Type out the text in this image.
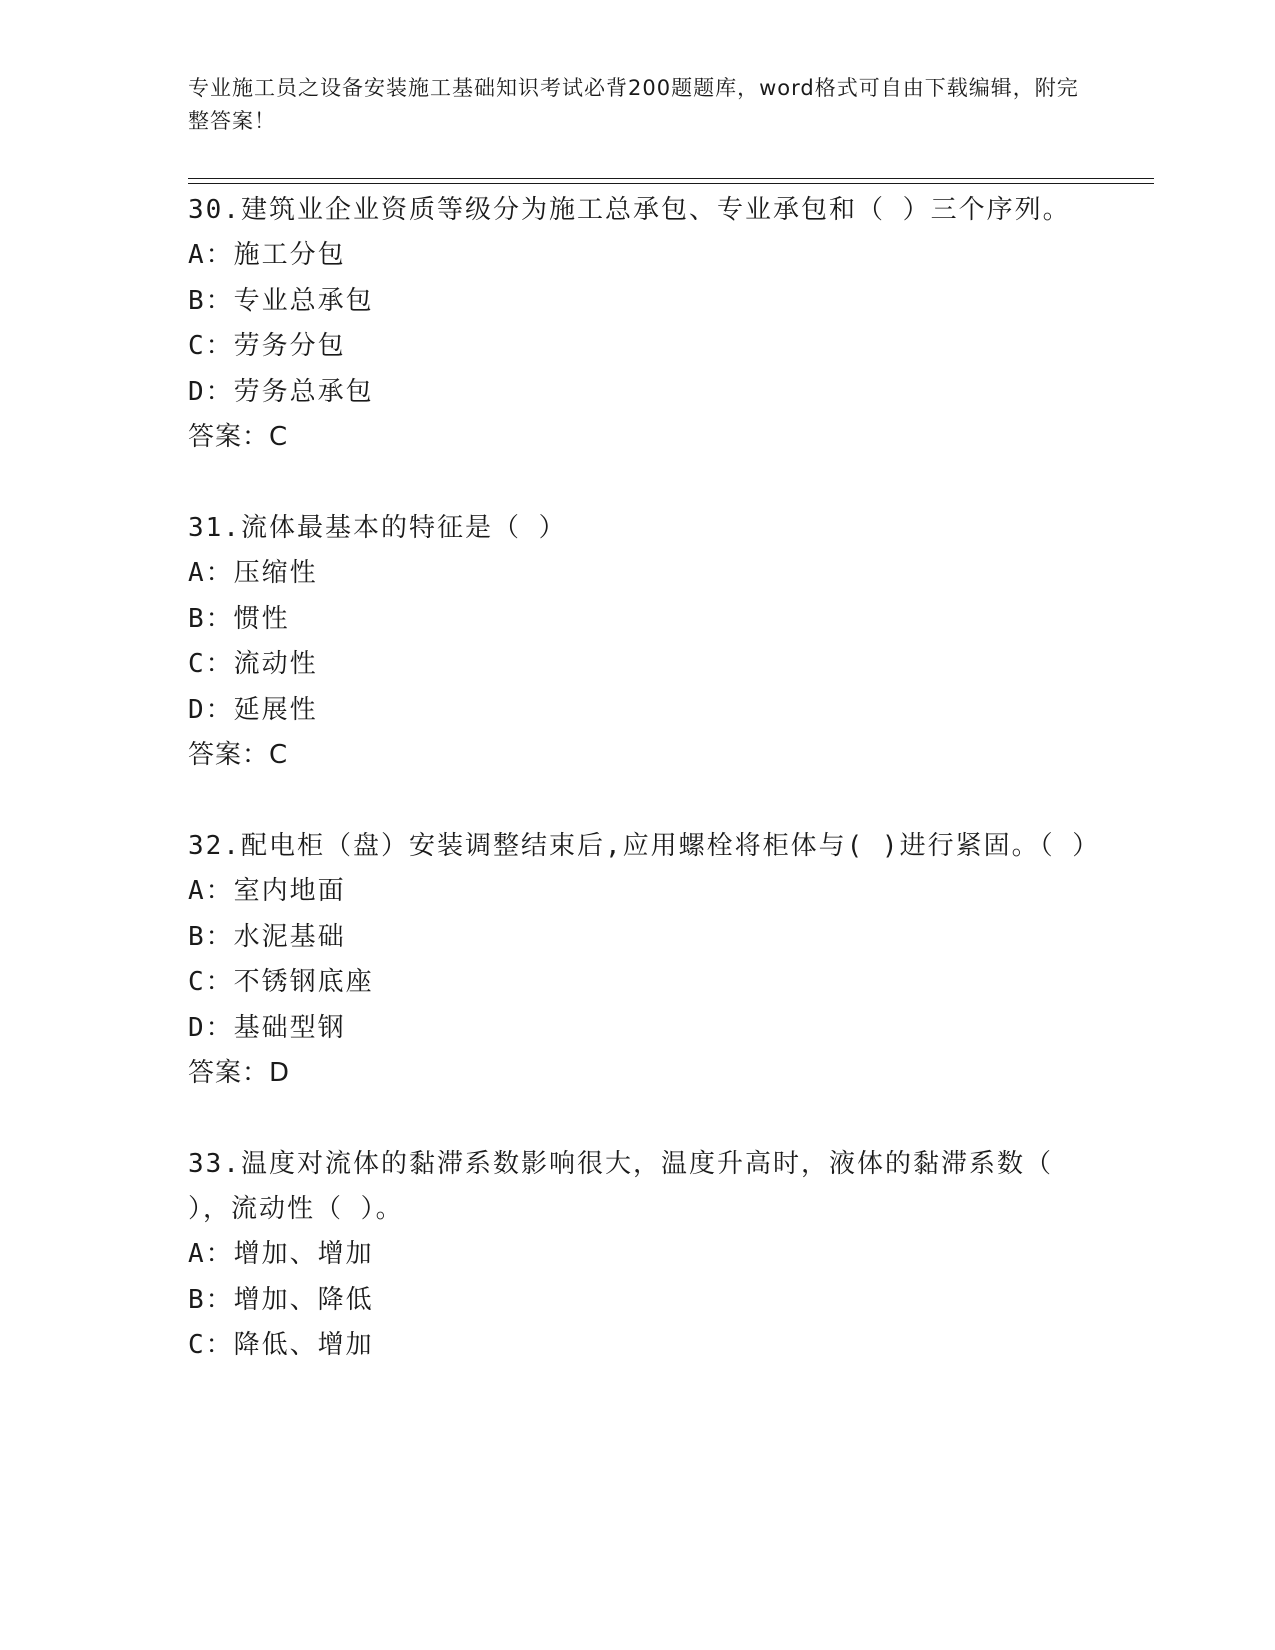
专业施工员之设备安装施工基础知识考试必背200题题库，word格式可自由下载编辑，附完整答案！
30.建筑业企业资质等级分为施工总承包、专业承包和（ ）三个序列。
A：施工分包
B：专业总承包
C：劳务分包
D：劳务总承包
答案：C
31.流体最基本的特征是（ ）
A：压缩性
B：惯性
C：流动性
D：延展性
答案：C
32.配电柜（盘）安装调整结束后,应用螺栓将柜体与( )进行紧固。（ ）
A：室内地面
B：水泥基础
C：不锈钢底座
D：基础型钢
答案：D
33.温度对流体的黏滞系数影响很大，温度升高时，液体的黏滞系数（ ），流动性（ ）。
A：增加、增加
B：增加、降低
C：降低、增加
